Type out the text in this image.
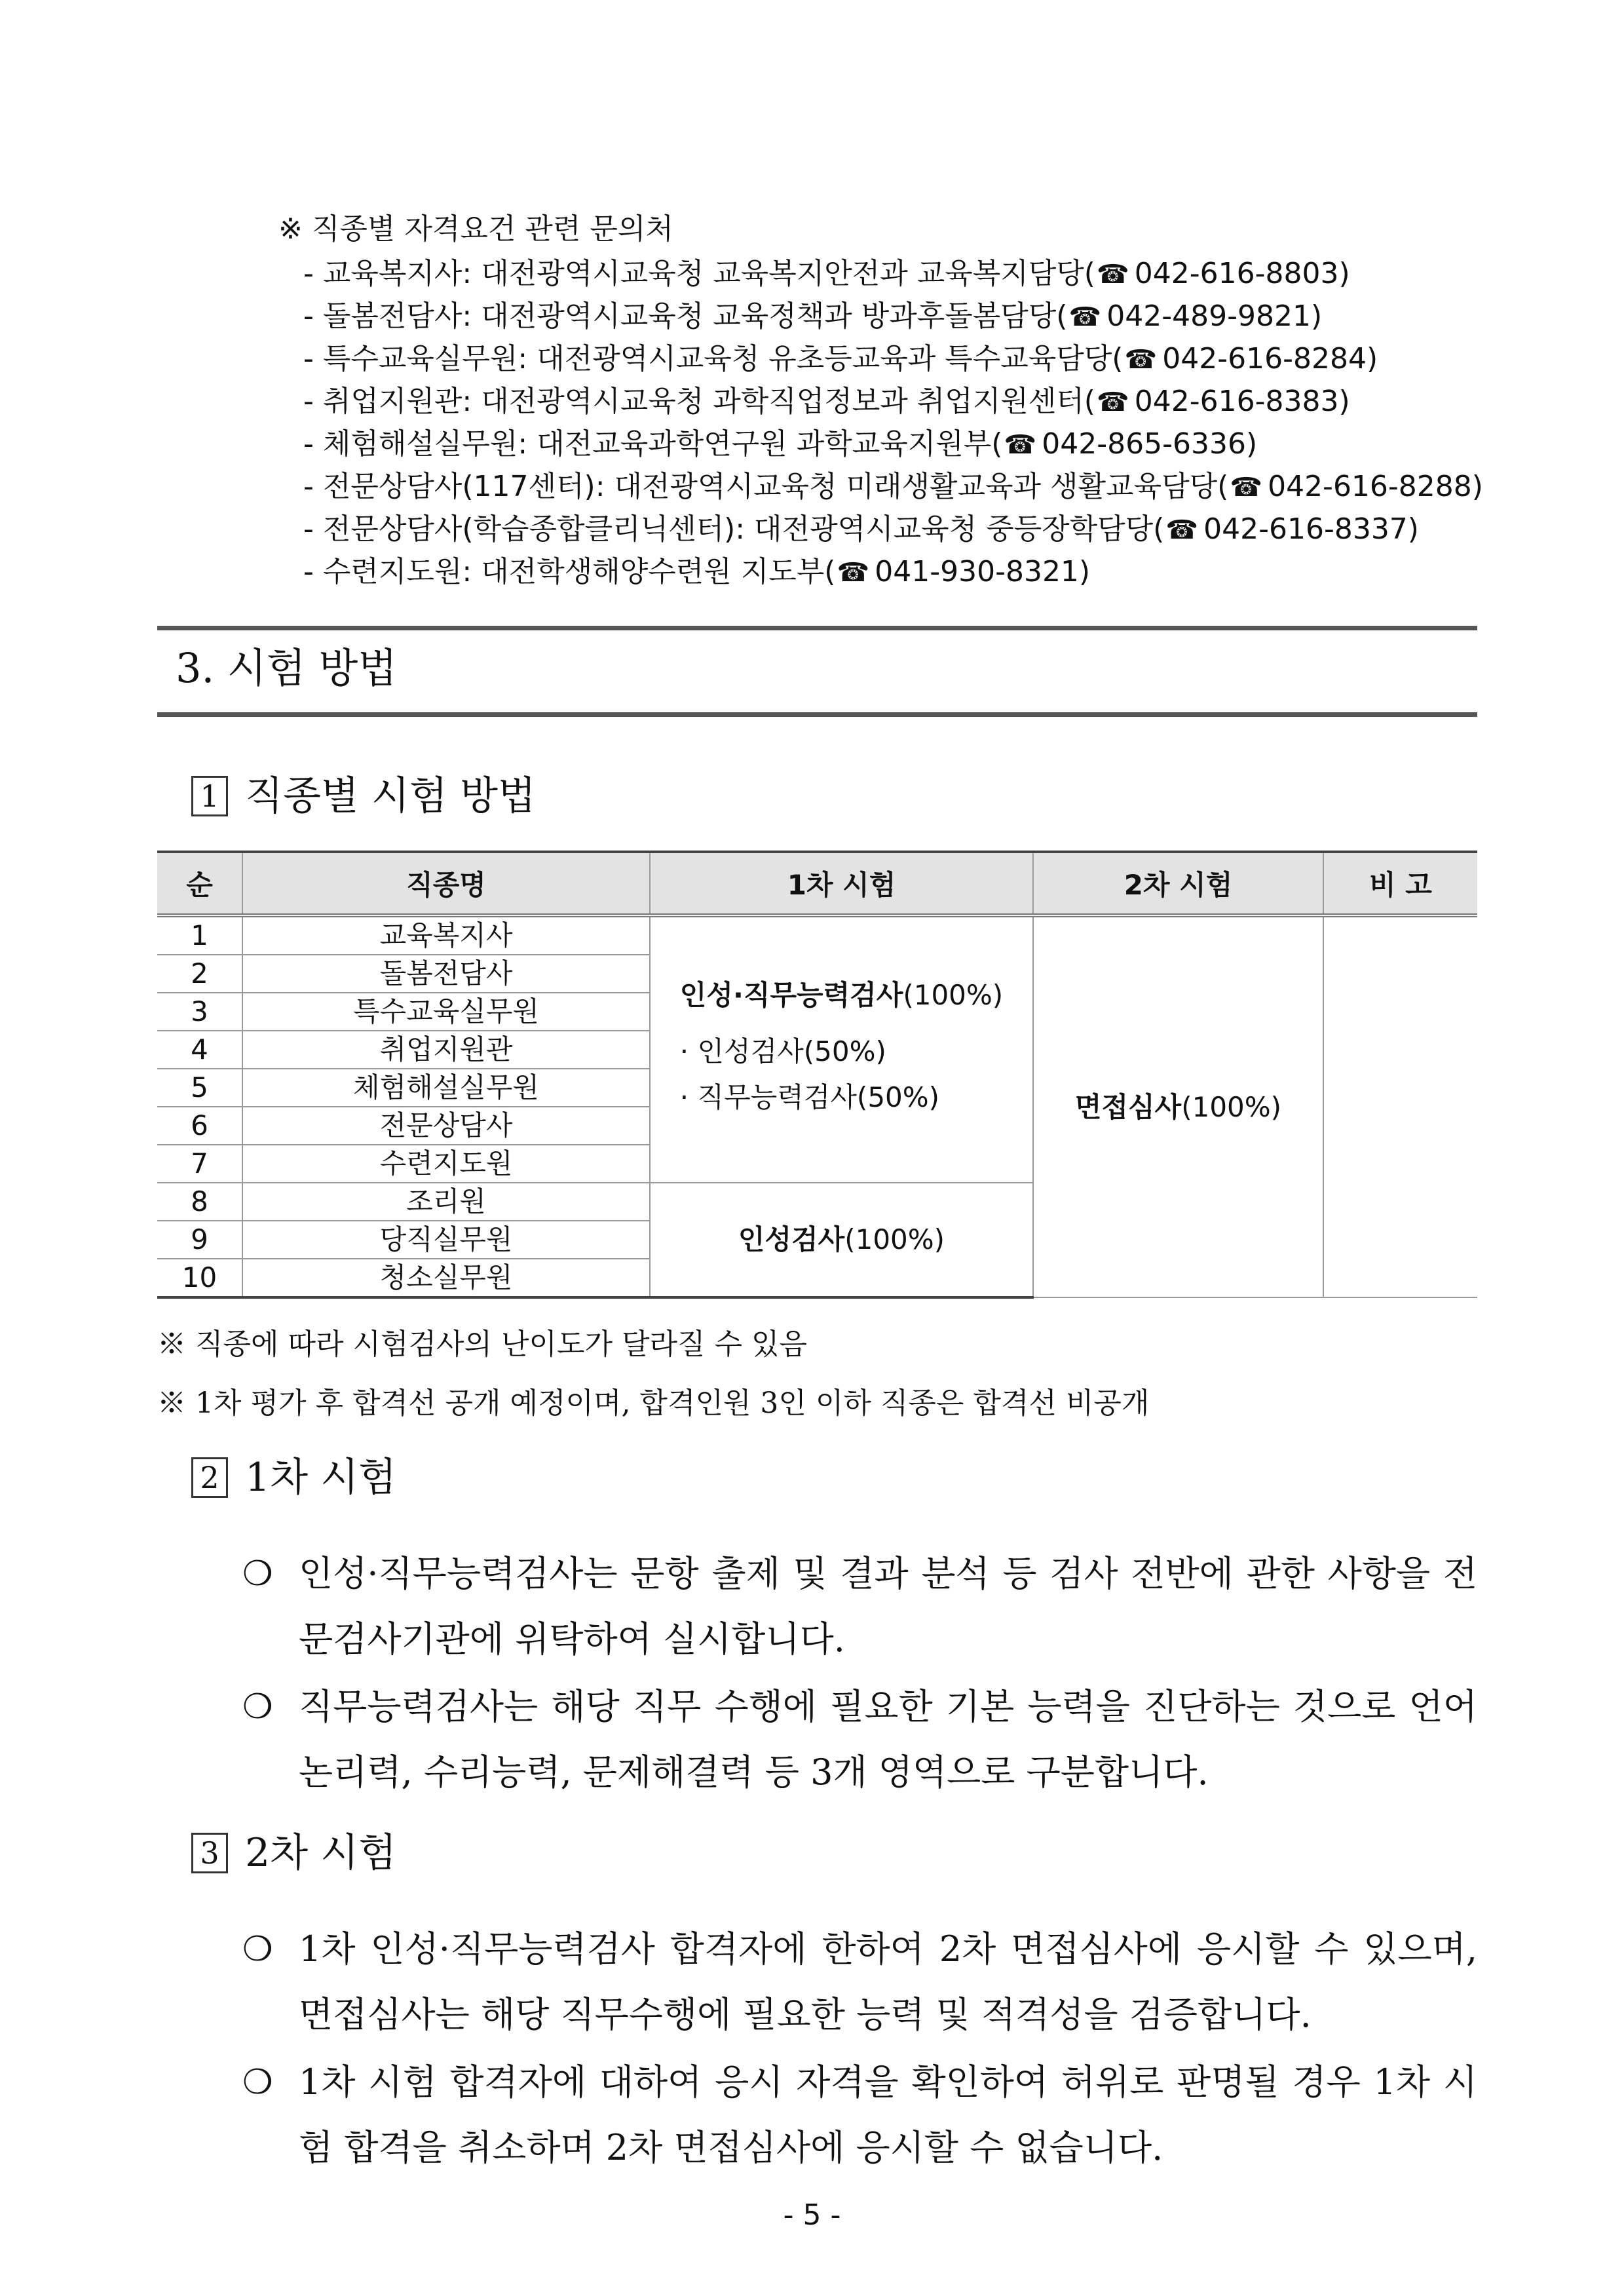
※ 직종별 자격요건 관련 문의처
- 교육복지사: 대전광역시교육청 교육복지안전과 교육복지담당(☎ 042-616-8803)
- 돌봄전담사: 대전광역시교육청 교육정책과 방과후돌봄담당(☎ 042-489-9821)
- 특수교육실무원: 대전광역시교육청 유초등교육과 특수교육담당(☎ 042-616-8284)
- 취업지원관: 대전광역시교육청 과학직업정보과 취업지원센터(☎ 042-616-8383)
- 체험해설실무원: 대전교육과학연구원 과학교육지원부(☎ 042-865-6336)
- 전문상담사(117센터): 대전광역시교육청 미래생활교육과 생활교육담당(☎ 042-616-8288)
- 전문상담사(학습종합클리닉센터): 대전광역시교육청 중등장학담당(☎ 042-616-8337)
- 수련지도원: 대전학생해양수련원 지도부(☎ 041-930-8321)
3. 시험 방법
1 직종별 시험 방법
순	직종명	1차 시험	2차 시험	비 고
1	교육복지사	인성·직무능력검사(100%)
· 인성검사(50%)
· 직무능력검사(50%)	면접심사(100%)	
2	돌봄전담사			
3	특수교육실무원			
4	취업지원관			
5	체험해설실무원			
6	전문상담사			
7	수련지도원			
8	조리원	인성검사(100%)		
9	당직실무원			
10	청소실무원			
※ 직종에 따라 시험검사의 난이도가 달라질 수 있음
※ 1차 평가 후 합격선 공개 예정이며, 합격인원 3인 이하 직종은 합격선 비공개
2 1차 시험
❍ 인성·직무능력검사는 문항 출제 및 결과 분석 등 검사 전반에 관한 사항을 전문검사기관에 위탁하여 실시합니다.
❍ 직무능력검사는 해당 직무 수행에 필요한 기본 능력을 진단하는 것으로 언어 논리력, 수리능력, 문제해결력 등 3개 영역으로 구분합니다.
3 2차 시험
❍ 1차 인성·직무능력검사 합격자에 한하여 2차 면접심사에 응시할 수 있으며, 면접심사는 해당 직무수행에 필요한 능력 및 적격성을 검증합니다.
❍ 1차 시험 합격자에 대하여 응시 자격을 확인하여 허위로 판명될 경우 1차 시험 합격을 취소하며 2차 면접심사에 응시할 수 없습니다.
- 5 -
